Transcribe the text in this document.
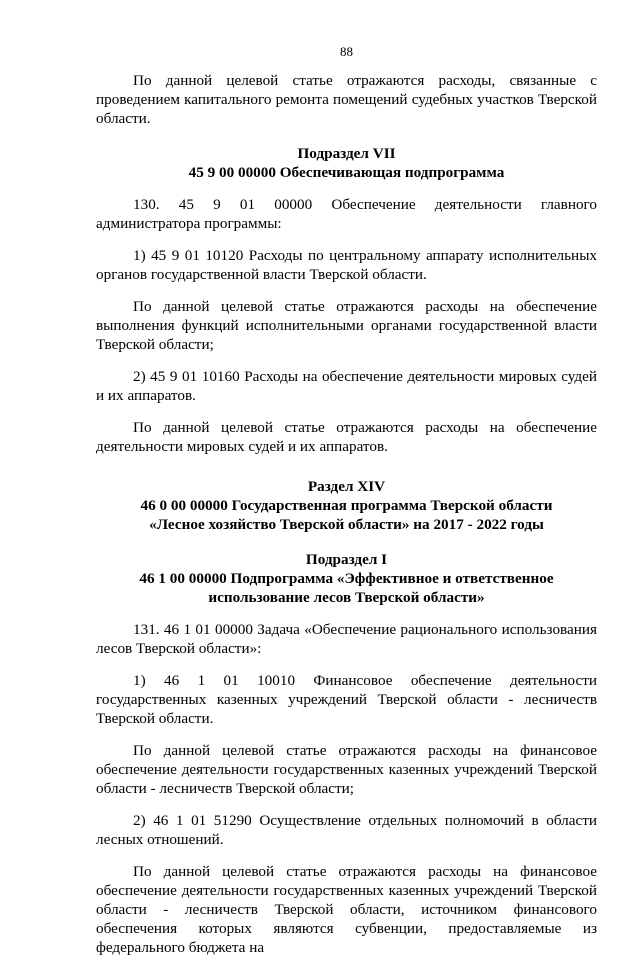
88

По данной целевой статье отражаются расходы, связанные с проведением капитального ремонта помещений судебных участков Тверской области.

Подраздел VII
45 9 00 00000 Обеспечивающая подпрограмма

130. 45 9 01 00000 Обеспечение деятельности главного администратора программы:

1) 45 9 01 10120 Расходы по центральному аппарату исполнительных органов государственной власти Тверской области.

По данной целевой статье отражаются расходы на обеспечение выполнения функций исполнительными органами государственной власти Тверской области;

2) 45 9 01 10160 Расходы на обеспечение деятельности мировых судей и их аппаратов.

По данной целевой статье отражаются расходы на обеспечение деятельности мировых судей и их аппаратов.

Раздел XIV
46 0 00 00000 Государственная программа Тверской области
«Лесное хозяйство Тверской области» на 2017 - 2022 годы
Подраздел I
46 1 00 00000 Подпрограмма «Эффективное и ответственное
использование лесов Тверской области»

131. 46 1 01 00000 Задача «Обеспечение рационального использования лесов Тверской области»:

1) 46 1 01 10010 Финансовое обеспечение деятельности государственных казенных учреждений Тверской области - лесничеств Тверской области.

По данной целевой статье отражаются расходы на финансовое обеспечение деятельности государственных казенных учреждений Тверской области - лесничеств Тверской области;

2) 46 1 01 51290 Осуществление отдельных полномочий в области лесных отношений.

По данной целевой статье отражаются расходы на финансовое обеспечение деятельности государственных казенных учреждений Тверской области - лесничеств Тверской области, источником финансового обеспечения которых являются субвенции, предоставляемые из федерального бюджета на
